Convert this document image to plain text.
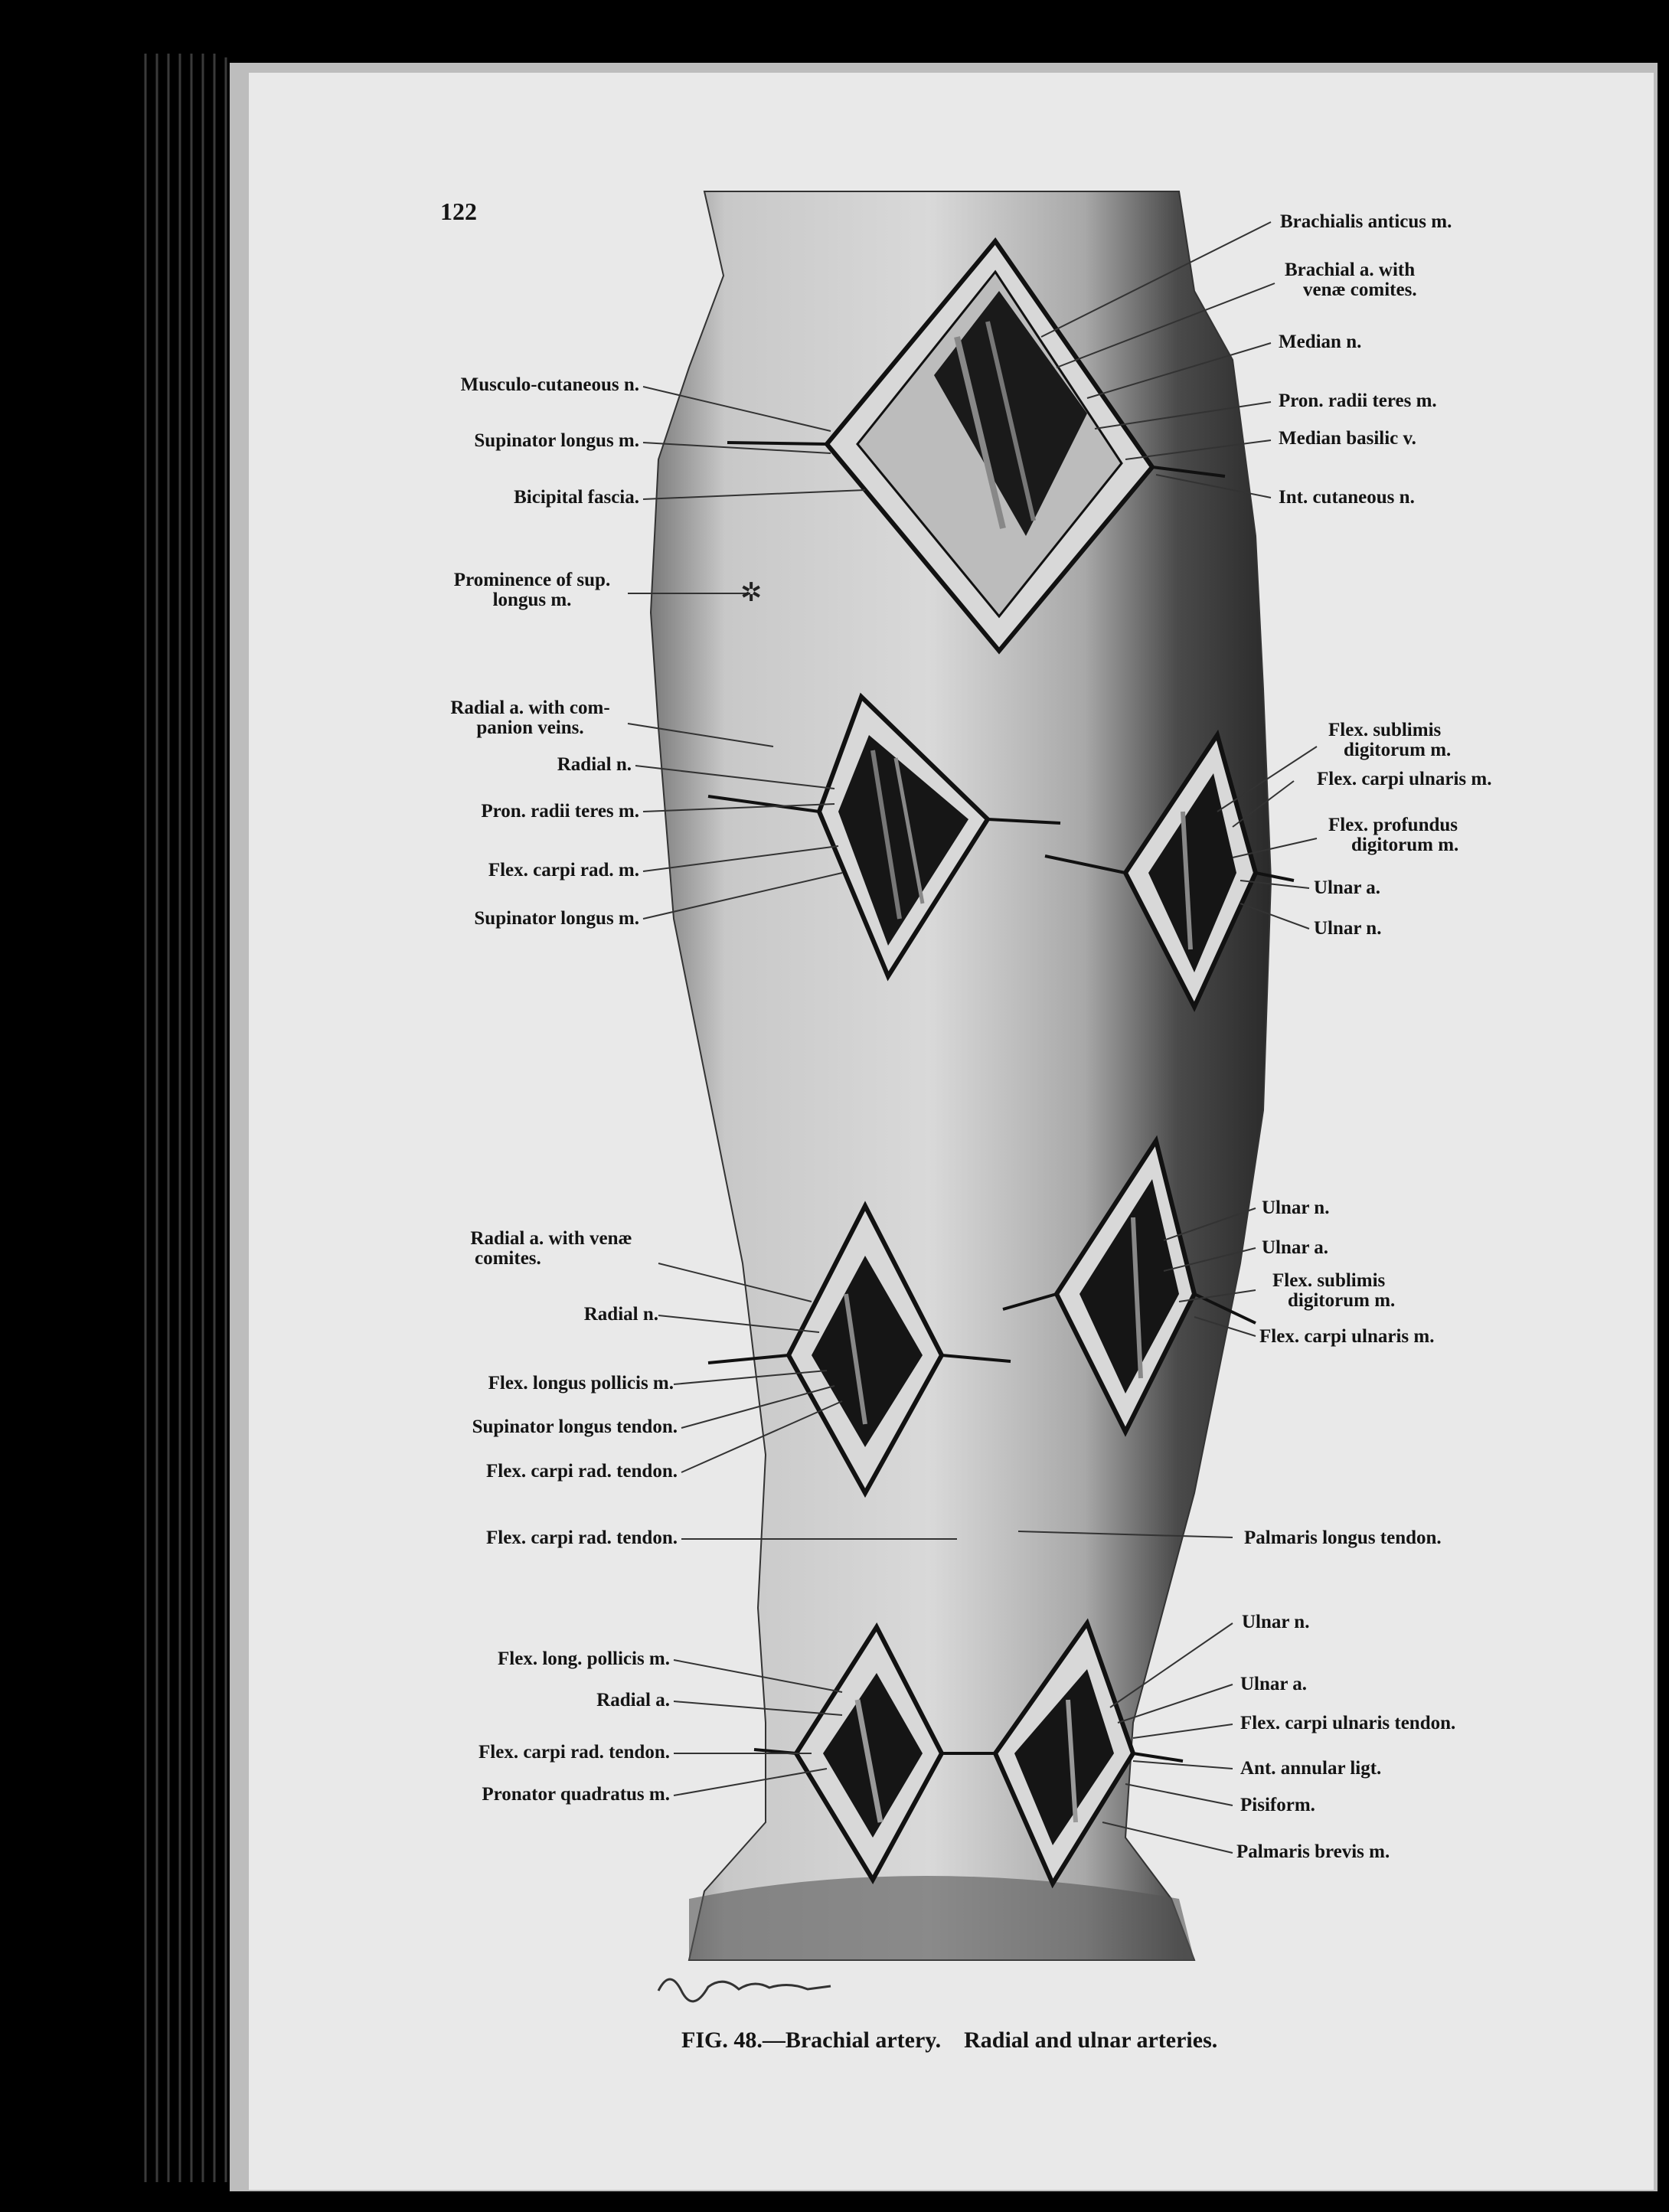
✲
122
Musculo-cutaneous n.
Supinator longus m.
Bicipital fascia.
Prominence of sup.
longus m.
Radial a. with com-
panion veins.
Radial n.
Pron. radii teres m.
Flex. carpi rad. m.
Supinator longus m.
Radial a. with venæ
comites.
Radial n.
Flex. longus pollicis m.
Supinator longus tendon.
Flex. carpi rad. tendon.
Flex. carpi rad. tendon.
Flex. long. pollicis m.
Radial a.
Flex. carpi rad. tendon.
Pronator quadratus m.
Brachialis anticus m.
Brachial a. with
venæ comites.
Median n.
Pron. radii teres m.
Median basilic v.
Int. cutaneous n.
Flex. sublimis
digitorum m.
Flex. carpi ulnaris m.
Flex. profundus
digitorum m.
Ulnar a.
Ulnar n.
Ulnar n.
Ulnar a.
Flex. sublimis
digitorum m.
Flex. carpi ulnaris m.
Palmaris longus tendon.
Ulnar n.
Ulnar a.
Flex. carpi ulnaris tendon.
Ant. annular ligt.
Pisiform.
Palmaris brevis m.
FIG. 48.—Brachial artery. Radial and ulnar arteries.
